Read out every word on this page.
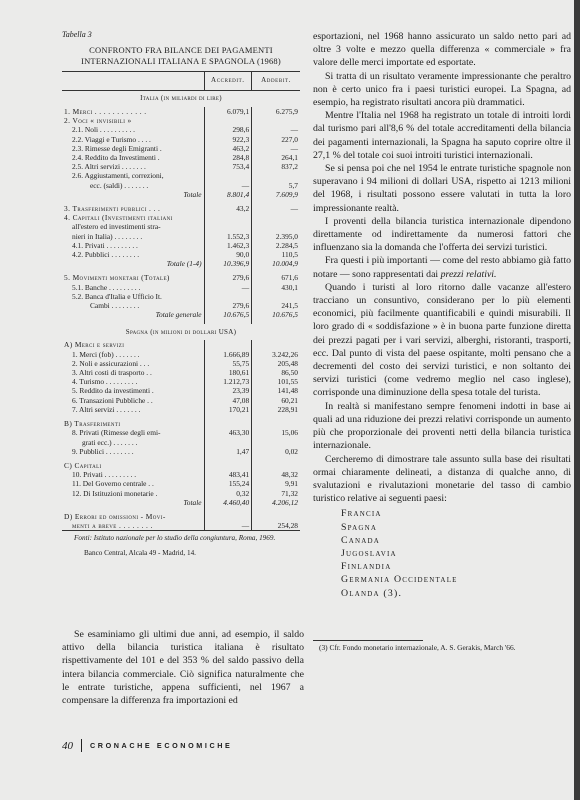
Tabella 3
CONFRONTO FRA BILANCE DEI PAGAMENTI
INTERNAZIONALI ITALIANA E SPAGNOLA (1968)
	Accredit.	Addebit.
Italia (in miliardi di lire)		
1. Merci . . . . . . . . . . . .	6.079,1	6.275,9
2. Voci « invisibili »		
2.1. Noli . . . . . . . . . .	298,6	—
2.2. Viaggi e Turismo . . . .	922,3	227,0
2.3. Rimesse degli Emigranti .	463,2	—
2.4. Reddito da Investimenti .	284,8	264,1
2.5. Altri servizi . . . . . . .	753,4	837,2
2.6. Aggiustamenti, correzioni,		
ecc. (saldi) . . . . . . .	—	5,7
Totale	8.801,4	7.609,9

3. Trasferimenti pubblici . . .	43,2	—
4. Capitali (Investimenti italiani		
all'estero ed investimenti stra-		
nieri in Italia) . . . . . . . .	1.552,3	2.395,0
4.1. Privati . . . . . . . . .	1.462,3	2.284,5
4.2. Pubblici . . . . . . . .	90,0	110,5
Totale (1-4)	10.396,9	10.004,9

5. Movimenti monetari (Totale)	279,6	671,6
5.1. Banche . . . . . . . . .	—	430,1
5.2. Banca d'Italia e Ufficio It.		
Cambi . . . . . . . .	279,6	241,5
Totale generale	10.676,5	10.676,5

Spagna (in milioni di dollari USA)		
A) Merci e servizi		
1. Merci (fob) . . . . . . .	1.666,89	3.242,26
2. Noli e assicurazioni . . .	55,75	205,48
3. Altri costi di trasporto . .	180,61	86,50
4. Turismo . . . . . . . . .	1.212,73	101,55
5. Reddito da investimenti .	23,39	141,48
6. Transazioni Pubbliche . .	47,08	60,21
7. Altri servizi . . . . . . .	170,21	228,91

B) Trasferimenti		
8. Privati (Rimesse degli emi-	463,30	15,06
grati ecc.) . . . . . . .		
9. Pubblici . . . . . . . .	1,47	0,02

C) Capitali		
10. Privati . . . . . . . . .	483,41	48,32
11. Del Governo centrale . .	155,24	9,91
12. Di Istituzioni monetarie .	0,32	71,32
Totale	4.460,40	4.206,12

D) Errori ed omissioni - Movi-		
menti a breve . . . . . . . .	—	254,28
Fonti: Istituto nazionale per lo studio della congiuntura, Roma, 1969.
Banco Central, Alcala 49 - Madrid, 14.

Se esaminiamo gli ultimi due anni, ad esempio, il saldo attivo della bilancia turistica italiana è risultato rispettivamente del 101 e del 353 % del saldo passivo della intera bilancia commerciale. Ciò significa naturalmente che le entrate turistiche, appena sufficienti, nel 1967 a compensare la differenza fra importazioni ed

esportazioni, nel 1968 hanno assicurato un saldo netto pari ad oltre 3 volte e mezzo quella differenza « commerciale » fra valore delle merci importate ed esportate.

Si tratta di un risultato veramente impressionante che peraltro non è certo unico fra i paesi turistici europei. La Spagna, ad esempio, ha registrato risultati ancora più drammatici.

Mentre l'Italia nel 1968 ha registrato un totale di introiti lordi dal turismo pari all'8,6 % del totale accreditamenti della bilancia dei pagamenti internazionali, la Spagna ha saputo coprire oltre il 27,1 % del totale coi suoi introiti turistici internazionali.

Se si pensa poi che nel 1954 le entrate turistiche spagnole non superavano i 94 milioni di dollari USA, rispetto ai 1213 milioni del 1968, i risultati possono essere valutati in tutta la loro impressionante realtà.

I proventi della bilancia turistica internazionale dipendono direttamente od indirettamente da numerosi fattori che influenzano sia la domanda che l'offerta dei servizi turistici.

Fra questi i più importanti — come del resto abbiamo già fatto notare — sono rappresentati dai prezzi relativi.

Quando i turisti al loro ritorno dalle vacanze all'estero tracciano un consuntivo, considerano per lo più elementi economici, più facilmente quantificabili e quindi misurabili. Il loro grado di « soddisfazione » è in buona parte funzione diretta dei prezzi pagati per i vari servizi, alberghi, ristoranti, trasporti, ecc. Dal punto di vista del paese ospitante, molti pensano che a decrementi del costo dei servizi turistici, e non soltanto dei servizi turistici (come vedremo meglio nel caso inglese), corrisponde una diminuzione della spesa totale del turista.

In realtà si manifestano sempre fenomeni indotti in base ai quali ad una riduzione dei prezzi relativi corrisponde un aumento più che proporzionale dei proventi netti della bilancia turistica internazionale.

Cercheremo di dimostrare tale assunto sulla base dei risultati ormai chiaramente delineati, a distanza di qualche anno, di svalutazioni e rivalutazioni monetarie del tasso di cambio turistico relative ai seguenti paesi:

Francia
Spagna
Canada
Jugoslavia
Finlandia
Germania Occidentale
Olanda (3).
(3) Cfr. Fondo monetario internazionale, A. S. Gerakis, March '66.
40 CRONACHE ECONOMICHE
